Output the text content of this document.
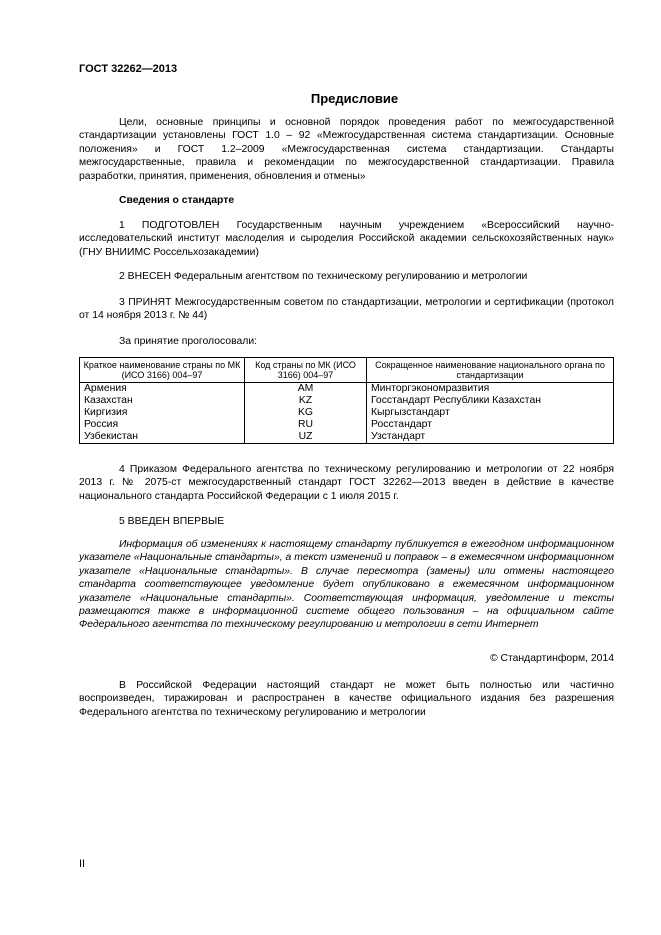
ГОСТ 32262—2013
Предисловие
Цели, основные принципы и основной порядок проведения работ по межгосударственной стандартизации установлены ГОСТ 1.0 – 92 «Межгосударственная система стандартизации. Основные положения» и ГОСТ 1.2–2009 «Межгосударственная система стандартизации. Стандарты межгосударственные, правила и рекомендации по межгосударственной стандартизации. Правила разработки, принятия, применения, обновления и отмены»
Сведения о стандарте
1 ПОДГОТОВЛЕН Государственным научным учреждением «Всероссийский научно-исследовательский институт маслоделия и сыроделия Российской академии сельскохозяйственных наук» (ГНУ ВНИИМС Россельхозакадемии)
2 ВНЕСЕН Федеральным агентством по техническому регулированию и метрологии
3 ПРИНЯТ Межгосударственным советом по стандартизации, метрологии и сертификации (протокол от 14 ноября 2013 г. № 44)
За принятие проголосовали:
Краткое наименование страны по МК (ИСО 3166) 004–97	Код страны по МК (ИСО 3166) 004–97	Сокращенное наименование национального органа по стандартизации
Армения	AM	Минторгэкономразвития
Казахстан	KZ	Госстандарт Республики Казахстан
Киргизия	KG	Кыргызстандарт
Россия	RU	Росстандарт
Узбекистан	UZ	Узстандарт
4 Приказом Федерального агентства по техническому регулированию и метрологии от 22 ноября 2013 г. № 2075-ст межгосударственный стандарт ГОСТ 32262—2013 введен в действие в качестве национального стандарта Российской Федерации с 1 июля 2015 г.
5 ВВЕДЕН ВПЕРВЫЕ
Информация об изменениях к настоящему стандарту публикуется в ежегодном информационном указателе «Национальные стандарты», а текст изменений и поправок – в ежемесячном информационном указателе «Национальные стандарты». В случае пересмотра (замены) или отмены настоящего стандарта соответствующее уведомление будет опубликовано в ежемесячном информационном указателе «Национальные стандарты». Соответствующая информация, уведомление и тексты размещаются также в информационной системе общего пользования – на официальном сайте Федерального агентства по техническому регулированию и метрологии в сети Интернет
© Стандартинформ, 2014
В Российской Федерации настоящий стандарт не может быть полностью или частично воспроизведен, тиражирован и распространен в качестве официального издания без разрешения Федерального агентства по техническому регулированию и метрологии
II
